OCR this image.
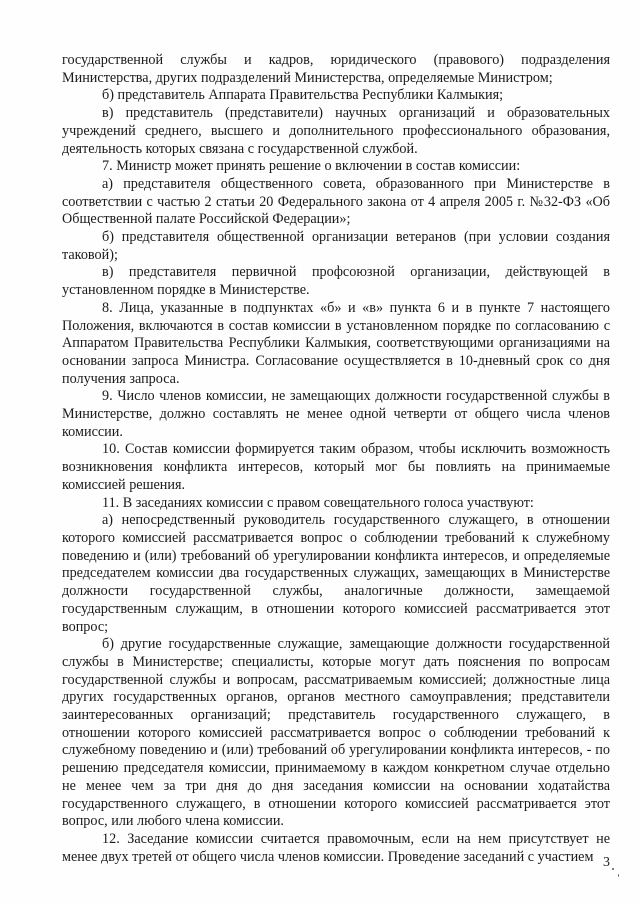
государственной службы и кадров, юридического (правового) подразделения Министерства, других подразделений Министерства, определяемые Министром;

б) представитель Аппарата Правительства Республики Калмыкия;

в) представитель (представители) научных организаций и образовательных учреждений среднего, высшего и дополнительного профессионального образования, деятельность которых связана с государственной службой.

7. Министр может принять решение о включении в состав комиссии:

а) представителя общественного совета, образованного при Министерстве в соответствии с частью 2 статьи 20 Федерального закона от 4 апреля 2005 г. №32-ФЗ «Об Общественной палате Российской Федерации»;

б) представителя общественной организации ветеранов (при условии создания таковой);

в) представителя первичной профсоюзной организации, действующей в установленном порядке в Министерстве.

8. Лица, указанные в подпунктах «б» и «в» пункта 6 и в пункте 7 настоящего Положения, включаются в состав комиссии в установленном порядке по согласованию с Аппаратом Правительства Республики Калмыкия, соответствующими организациями на основании запроса Министра. Согласование осуществляется в 10-дневный срок со дня получения запроса.

9. Число членов комиссии, не замещающих должности государственной службы в Министерстве, должно составлять не менее одной четверти от общего числа членов комиссии.

10. Состав комиссии формируется таким образом, чтобы исключить возможность возникновения конфликта интересов, который мог бы повлиять на принимаемые комиссией решения.

11. В заседаниях комиссии с правом совещательного голоса участвуют:

а) непосредственный руководитель государственного служащего, в отношении которого комиссией рассматривается вопрос о соблюдении требований к служебному поведению и (или) требований об урегулировании конфликта интересов, и определяемые председателем комиссии два государственных служащих, замещающих в Министерстве должности государственной службы, аналогичные должности, замещаемой государственным служащим, в отношении которого комиссией рассматривается этот вопрос;

б) другие государственные служащие, замещающие должности государственной службы в Министерстве; специалисты, которые могут дать пояснения по вопросам государственной службы и вопросам, рассматриваемым комиссией; должностные лица других государственных органов, органов местного самоуправления; представители заинтересованных организаций; представитель государственного служащего, в отношении которого комиссией рассматривается вопрос о соблюдении требований к служебному поведению и (или) требований об урегулировании конфликта интересов, - по решению председателя комиссии, принимаемому в каждом конкретном случае отдельно не менее чем за три дня до дня заседания комиссии на основании ходатайства государственного служащего, в отношении которого комиссией рассматривается этот вопрос, или любого члена комиссии.

12. Заседание комиссии считается правомочным, если на нем присутствует не менее двух третей от общего числа членов комиссии. Проведение заседаний с участием 3
